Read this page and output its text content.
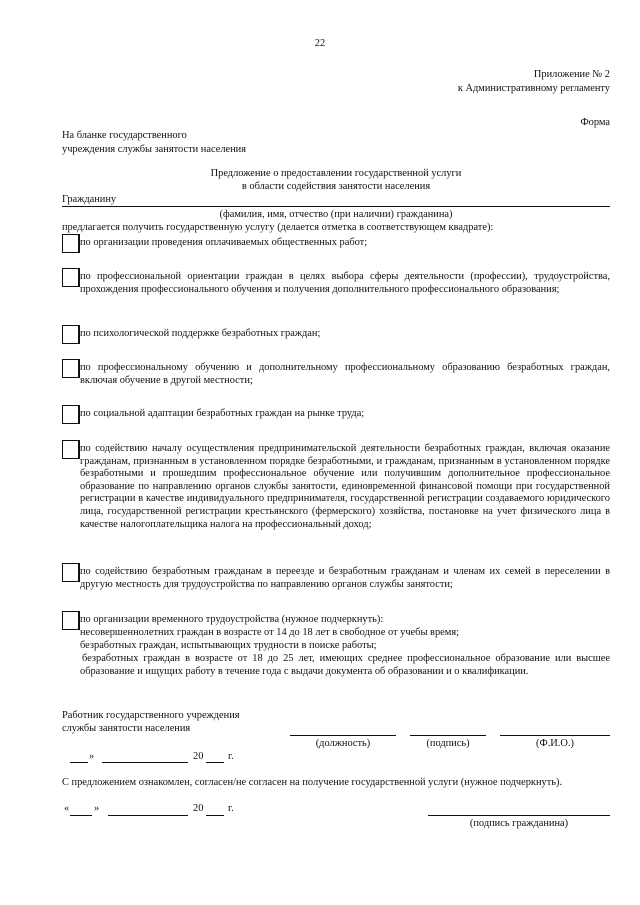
22
Приложение № 2
к Административному регламенту
Форма
На бланке государственного
учреждения службы занятости населения
Предложение о предоставлении государственной услуги
в области содействия занятости населения
Гражданину
(фамилия, имя, отчество (при наличии) гражданина)
предлагается получить государственную услугу (делается отметка в соответствующем квадрате):
по организации проведения оплачиваемых общественных работ;
по профессиональной ориентации граждан в целях выбора сферы деятельности (профессии), трудоустройства, прохождения профессионального обучения и получения дополнительного профессионального образования;
по психологической поддержке безработных граждан;
по профессиональному обучению и дополнительному профессиональному образованию безработных граждан, включая обучение в другой местности;
по социальной адаптации безработных граждан на рынке труда;
по содействию началу осуществления предпринимательской деятельности безработных граждан, включая оказание гражданам, признанным в установленном порядке безработными, и гражданам, признанным в установленном порядке безработными и прошедшим профессиональное обучение или получившим дополнительное профессиональное образование по направлению органов службы занятости, единовременной финансовой помощи при государственной регистрации в качестве индивидуального предпринимателя, государственной регистрации создаваемого юридического лица, государственной регистрации крестьянского (фермерского) хозяйства, постановке на учет физического лица в качестве налогоплательщика налога на профессиональный доход;
по содействию безработным гражданам в переезде и безработным гражданам и членам их семей в переселении в другую местность для трудоустройства по направлению органов службы занятости;
по организации временного трудоустройства (нужное подчеркнуть):
несовершеннолетних граждан в возрасте от 14 до 18 лет в свободное от учебы время;
безработных граждан, испытывающих трудности в поиске работы;
безработных граждан в возрасте от 18 до 25 лет, имеющих среднее профессиональное образование или высшее образование и ищущих работу в течение года с выдачи документа об образовании и о квалификации.
Работник государственного учреждения
службы занятости населения
(должность)	(подпись)	(Ф.И.О.)
»	20 г.
С предложением ознакомлен, согласен/не согласен на получение государственной услуги (нужное подчеркнуть).
« »	20 г.
(подпись гражданина)
